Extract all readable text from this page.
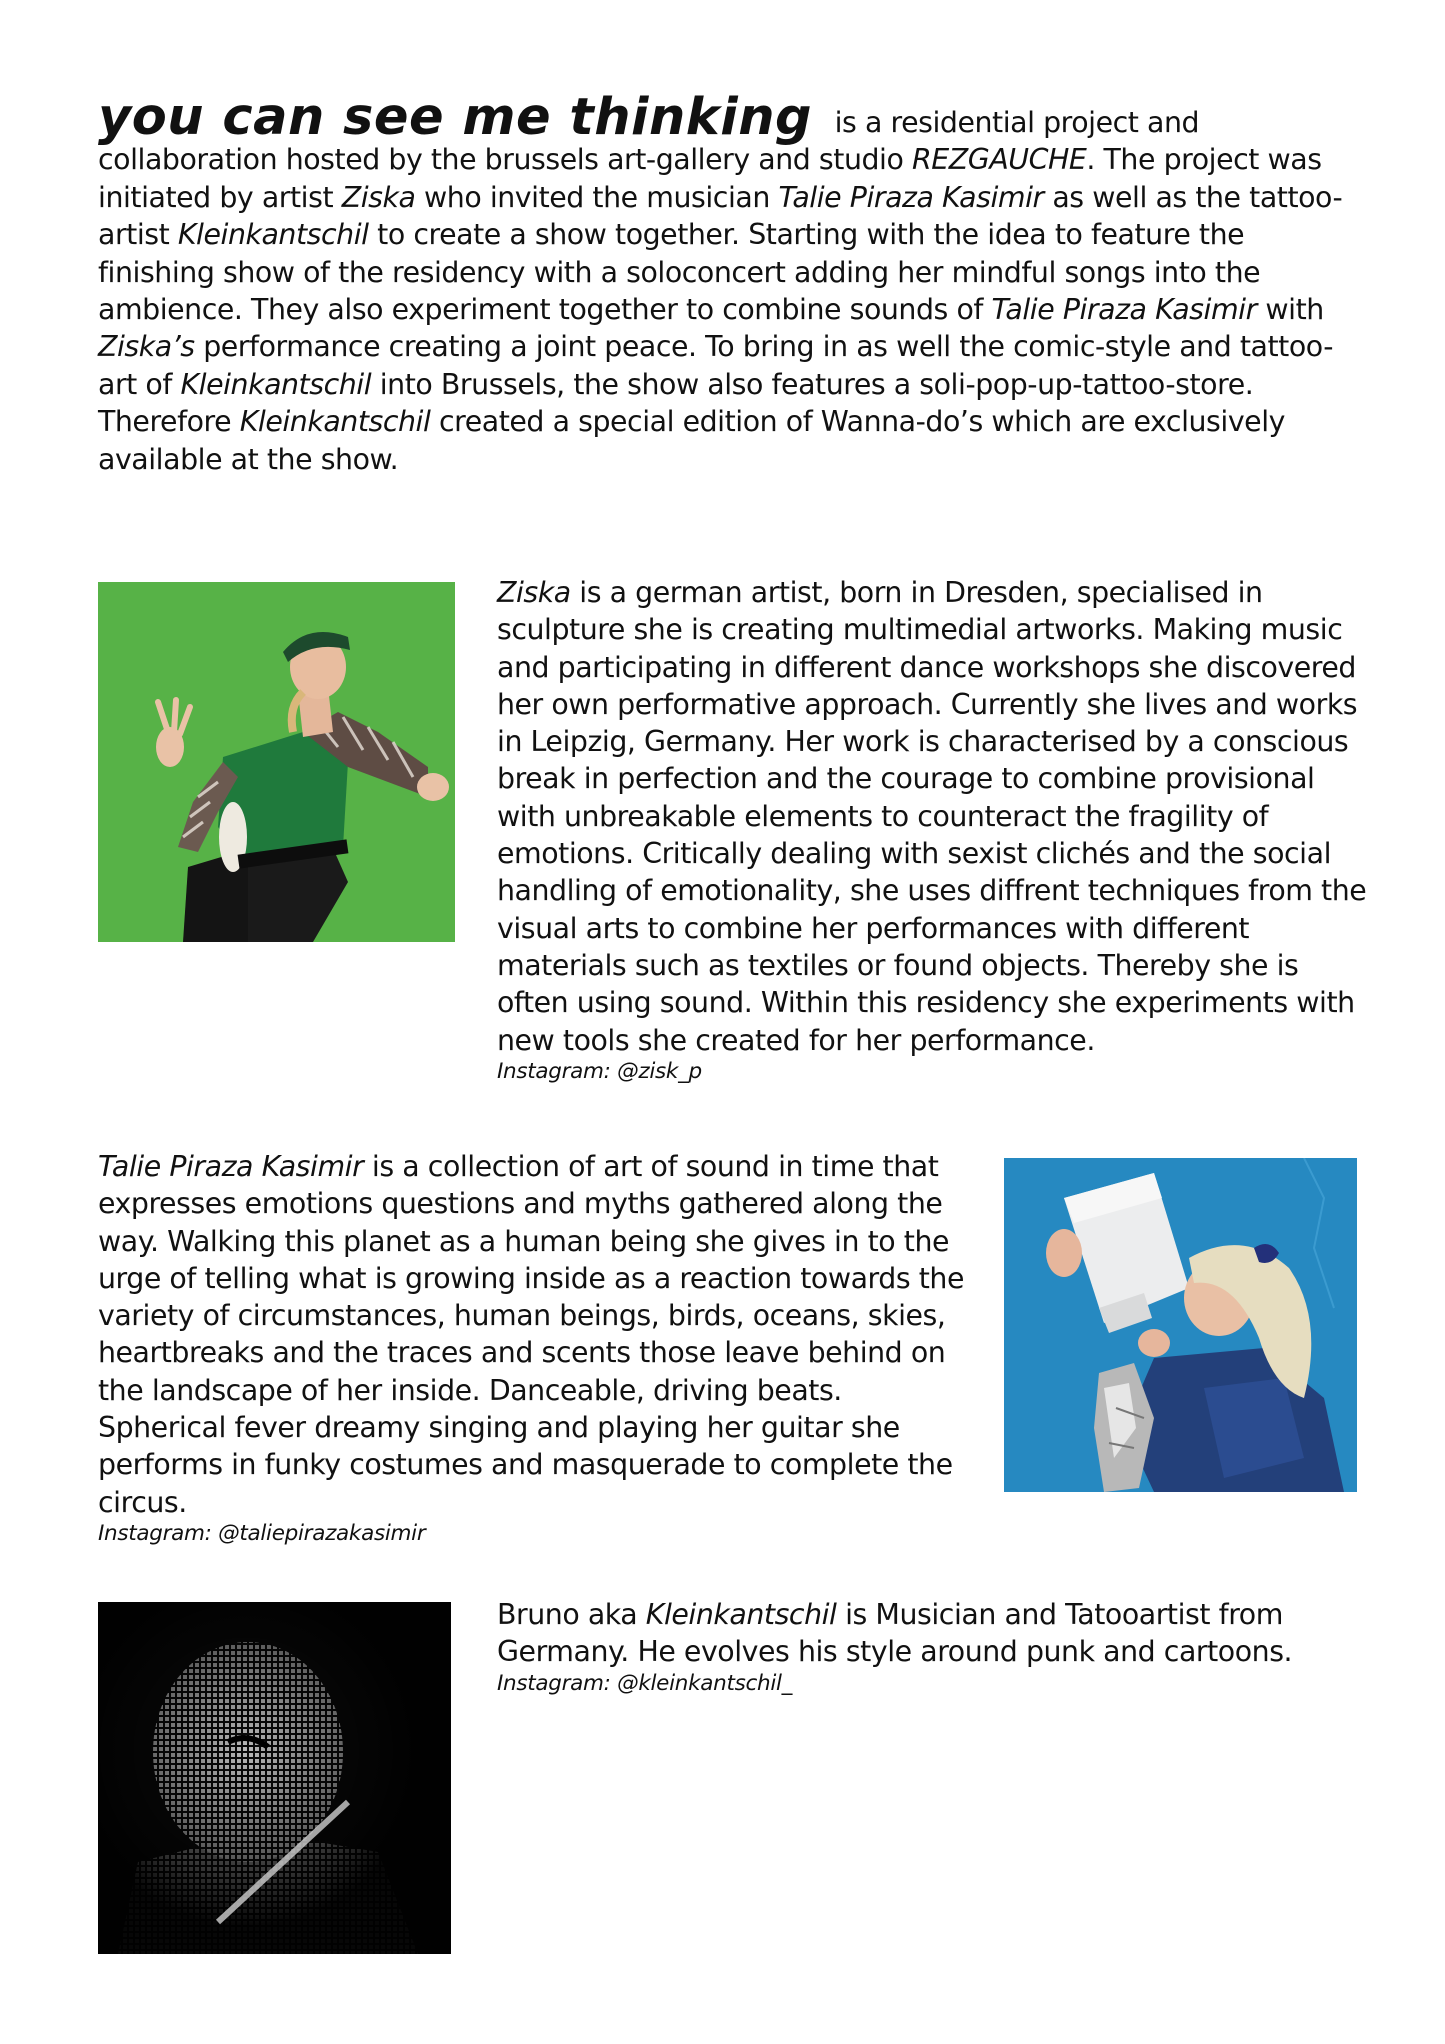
you can see me thinking is a residential project and collaboration hosted by the brussels art-gallery and studio REZGAUCHE. The project was initiated by artist Ziska who invited the musician Talie Piraza Kasimir as well as the tattoo-artist Kleinkantschil to create a show together. Starting with the idea to feature the finishing show of the residency with a soloconcert adding her mindful songs into the ambience. They also experiment together to combine sounds of Talie Piraza Kasimir with Ziska’s performance creating a joint peace. To bring in as well the comic-style and tattoo-art of Kleinkantschil into Brussels, the show also features a soli-pop-up-tattoo-store. Therefore Kleinkantschil created a special edition of Wanna-do’s which are exclusively available at the show.

Ziska is a german artist, born in Dresden, specialised in sculpture she is creating multimedial artworks. Making music and participating in different dance workshops she discovered her own performative approach. Currently she lives and works in Leipzig, Germany. Her work is characterised by a conscious break in perfection and the courage to combine provisional with unbreakable elements to counteract the fragility of emotions. Critically dealing with sexist clichés and the social handling of emotionality, she uses diffrent techniques from the visual arts to combine her performances with different materials such as textiles or found objects. Thereby she is often using sound. Within this residency she experiments with new tools she created for her performance.
Instagram: @zisk_p
Talie Piraza Kasimir is a collection of art of sound in time that expresses emotions questions and myths gathered along the way. Walking this planet as a human being she gives in to the urge of telling what is growing inside as a reaction towards the variety of circumstances, human beings, birds, oceans, skies, heartbreaks and the traces and scents those leave behind on the landscape of her inside. Danceable, driving beats. Spherical fever dreamy singing and playing her guitar she performs in funky costumes and masquerade to complete the circus.
Instagram: @taliepirazakasimir
Bruno aka Kleinkantschil is Musician and Tatooartist from Germany. He evolves his style around punk and cartoons.
Instagram: @kleinkantschil_
